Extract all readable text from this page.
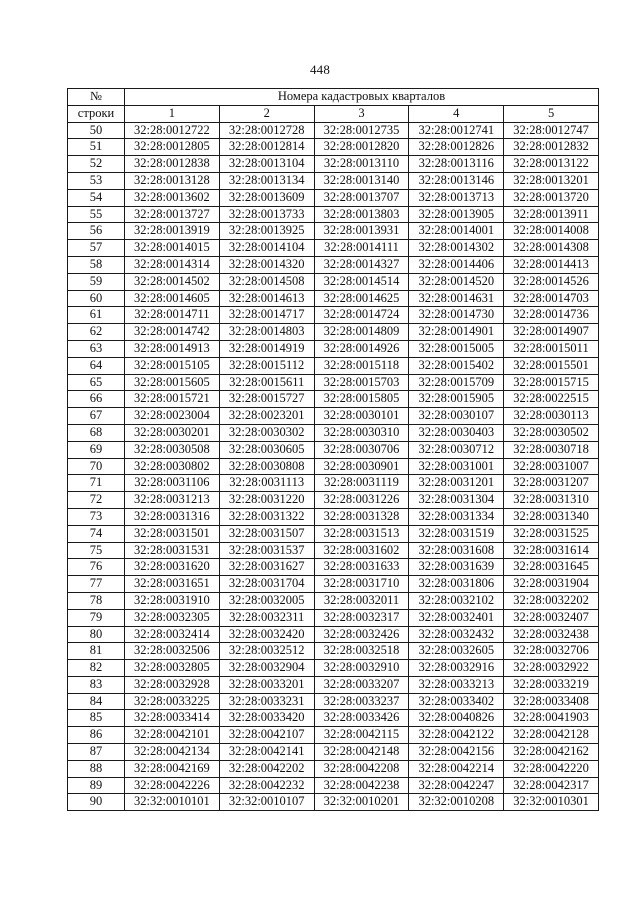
448
№	Номера кадастровых кварталов				
строки	1	2	3	4	5
50	32:28:0012722	32:28:0012728	32:28:0012735	32:28:0012741	32:28:0012747
51	32:28:0012805	32:28:0012814	32:28:0012820	32:28:0012826	32:28:0012832
52	32:28:0012838	32:28:0013104	32:28:0013110	32:28:0013116	32:28:0013122
53	32:28:0013128	32:28:0013134	32:28:0013140	32:28:0013146	32:28:0013201
54	32:28:0013602	32:28:0013609	32:28:0013707	32:28:0013713	32:28:0013720
55	32:28:0013727	32:28:0013733	32:28:0013803	32:28:0013905	32:28:0013911
56	32:28:0013919	32:28:0013925	32:28:0013931	32:28:0014001	32:28:0014008
57	32:28:0014015	32:28:0014104	32:28:0014111	32:28:0014302	32:28:0014308
58	32:28:0014314	32:28:0014320	32:28:0014327	32:28:0014406	32:28:0014413
59	32:28:0014502	32:28:0014508	32:28:0014514	32:28:0014520	32:28:0014526
60	32:28:0014605	32:28:0014613	32:28:0014625	32:28:0014631	32:28:0014703
61	32:28:0014711	32:28:0014717	32:28:0014724	32:28:0014730	32:28:0014736
62	32:28:0014742	32:28:0014803	32:28:0014809	32:28:0014901	32:28:0014907
63	32:28:0014913	32:28:0014919	32:28:0014926	32:28:0015005	32:28:0015011
64	32:28:0015105	32:28:0015112	32:28:0015118	32:28:0015402	32:28:0015501
65	32:28:0015605	32:28:0015611	32:28:0015703	32:28:0015709	32:28:0015715
66	32:28:0015721	32:28:0015727	32:28:0015805	32:28:0015905	32:28:0022515
67	32:28:0023004	32:28:0023201	32:28:0030101	32:28:0030107	32:28:0030113
68	32:28:0030201	32:28:0030302	32:28:0030310	32:28:0030403	32:28:0030502
69	32:28:0030508	32:28:0030605	32:28:0030706	32:28:0030712	32:28:0030718
70	32:28:0030802	32:28:0030808	32:28:0030901	32:28:0031001	32:28:0031007
71	32:28:0031106	32:28:0031113	32:28:0031119	32:28:0031201	32:28:0031207
72	32:28:0031213	32:28:0031220	32:28:0031226	32:28:0031304	32:28:0031310
73	32:28:0031316	32:28:0031322	32:28:0031328	32:28:0031334	32:28:0031340
74	32:28:0031501	32:28:0031507	32:28:0031513	32:28:0031519	32:28:0031525
75	32:28:0031531	32:28:0031537	32:28:0031602	32:28:0031608	32:28:0031614
76	32:28:0031620	32:28:0031627	32:28:0031633	32:28:0031639	32:28:0031645
77	32:28:0031651	32:28:0031704	32:28:0031710	32:28:0031806	32:28:0031904
78	32:28:0031910	32:28:0032005	32:28:0032011	32:28:0032102	32:28:0032202
79	32:28:0032305	32:28:0032311	32:28:0032317	32:28:0032401	32:28:0032407
80	32:28:0032414	32:28:0032420	32:28:0032426	32:28:0032432	32:28:0032438
81	32:28:0032506	32:28:0032512	32:28:0032518	32:28:0032605	32:28:0032706
82	32:28:0032805	32:28:0032904	32:28:0032910	32:28:0032916	32:28:0032922
83	32:28:0032928	32:28:0033201	32:28:0033207	32:28:0033213	32:28:0033219
84	32:28:0033225	32:28:0033231	32:28:0033237	32:28:0033402	32:28:0033408
85	32:28:0033414	32:28:0033420	32:28:0033426	32:28:0040826	32:28:0041903
86	32:28:0042101	32:28:0042107	32:28:0042115	32:28:0042122	32:28:0042128
87	32:28:0042134	32:28:0042141	32:28:0042148	32:28:0042156	32:28:0042162
88	32:28:0042169	32:28:0042202	32:28:0042208	32:28:0042214	32:28:0042220
89	32:28:0042226	32:28:0042232	32:28:0042238	32:28:0042247	32:28:0042317
90	32:32:0010101	32:32:0010107	32:32:0010201	32:32:0010208	32:32:0010301
